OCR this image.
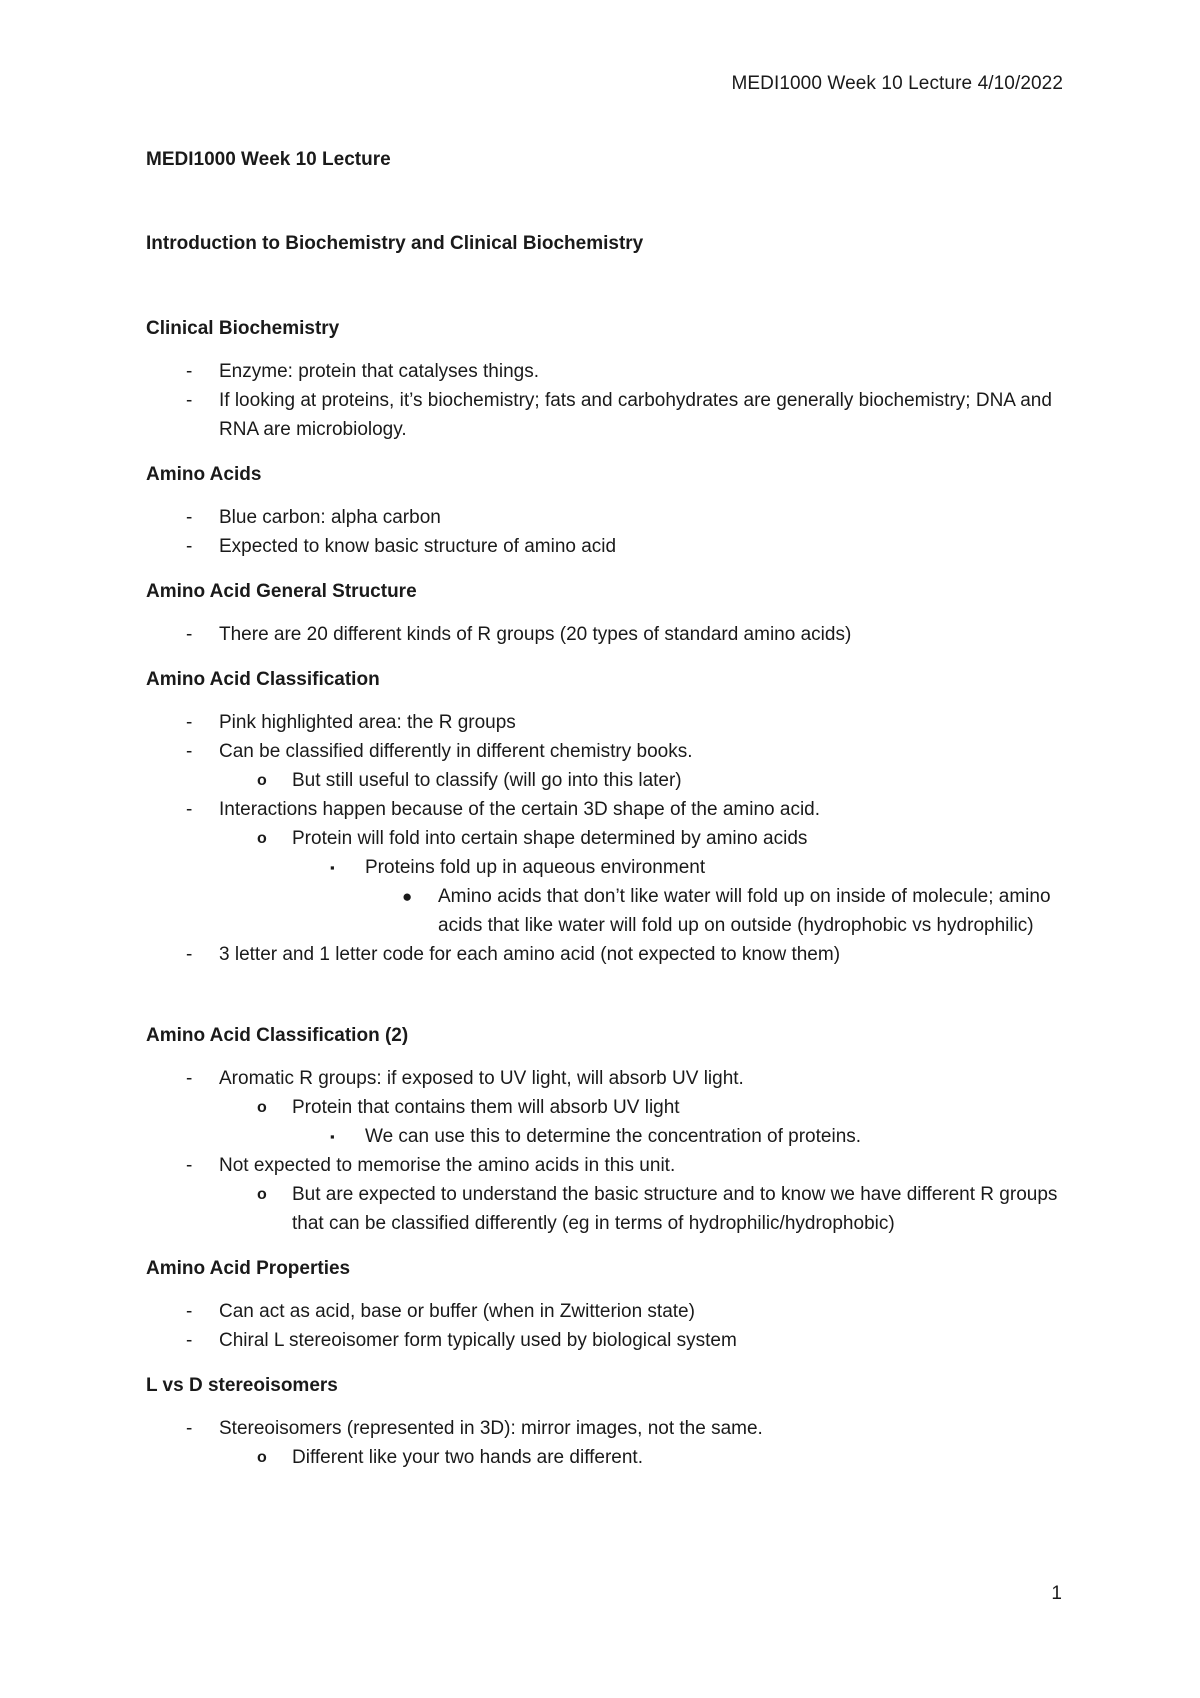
MEDI1000 Week 10 Lecture 4/10/2022
MEDI1000 Week 10 Lecture
Introduction to Biochemistry and Clinical Biochemistry
Clinical Biochemistry
- Enzyme: protein that catalyses things.
- If looking at proteins, it’s biochemistry; fats and carbohydrates are generally biochemistry; DNA and RNA are microbiology.
Amino Acids
- Blue carbon: alpha carbon
- Expected to know basic structure of amino acid
Amino Acid General Structure
- There are 20 different kinds of R groups (20 types of standard amino acids)
Amino Acid Classification
- Pink highlighted area: the R groups
- Can be classified differently in different chemistry books.
o But still useful to classify (will go into this later)
- Interactions happen because of the certain 3D shape of the amino acid.
o Protein will fold into certain shape determined by amino acids
▪ Proteins fold up in aqueous environment
● Amino acids that don’t like water will fold up on inside of molecule; amino acids that like water will fold up on outside (hydrophobic vs hydrophilic)
- 3 letter and 1 letter code for each amino acid (not expected to know them)
Amino Acid Classification (2)
- Aromatic R groups: if exposed to UV light, will absorb UV light.
o Protein that contains them will absorb UV light
▪ We can use this to determine the concentration of proteins.
- Not expected to memorise the amino acids in this unit.
o But are expected to understand the basic structure and to know we have different R groups that can be classified differently (eg in terms of hydrophilic/hydrophobic)
Amino Acid Properties
- Can act as acid, base or buffer (when in Zwitterion state)
- Chiral L stereoisomer form typically used by biological system
L vs D stereoisomers
- Stereoisomers (represented in 3D): mirror images, not the same.
o Different like your two hands are different.
1
